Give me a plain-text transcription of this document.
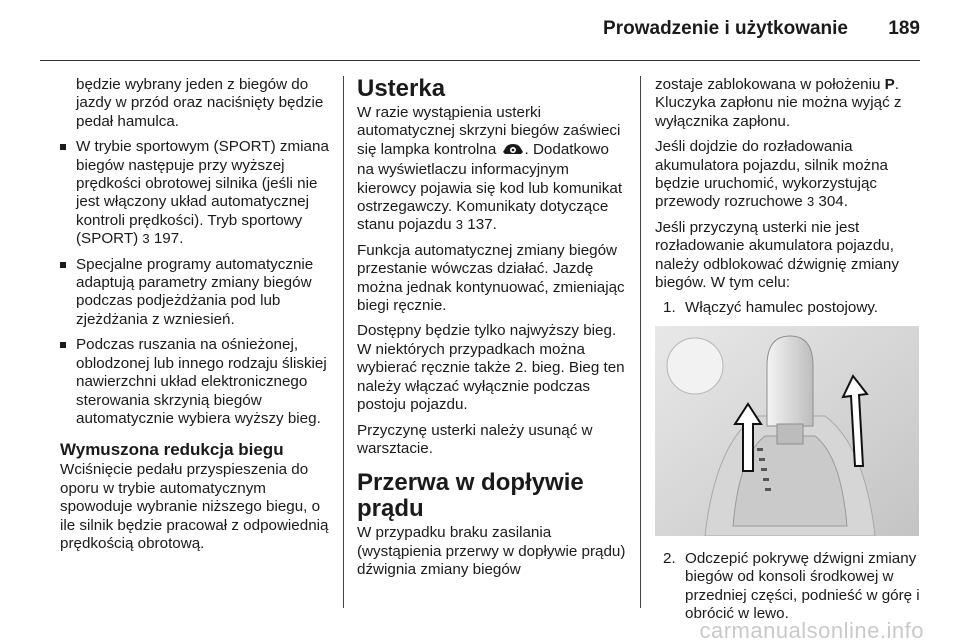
Prowadzenie i użytkowanie 189

będzie wybrany jeden z biegów do jazdy w przód oraz naciśnięty będzie pedał hamulca.

W trybie sportowym (SPORT) zmiana biegów następuje przy wyższej prędkości obrotowej silnika (jeśli nie jest włączony układ automatycznej kontroli prędkości). Tryb sportowy (SPORT) 3 197.
Specjalne programy automatycznie adaptują parametry zmiany biegów podczas podjeżdżania pod lub zjeżdżania z wzniesień.
Podczas ruszania na ośnieżonej, oblodzonej lub innego rodzaju śliskiej nawierzchni układ elektronicznego sterowania skrzynią biegów automatycznie wybiera wyższy bieg.
Wymuszona redukcja biegu

Wciśnięcie pedału przyspieszenia do oporu w trybie automatycznym spowoduje wybranie niższego biegu, o ile silnik będzie pracował z odpowiednią prędkością obrotową.

Usterka

W razie wystąpienia usterki automatycznej skrzyni biegów zaświeci się lampka kontrolna . Dodatkowo na wyświetlaczu informacyjnym kierowcy pojawia się kod lub komunikat ostrzegawczy. Komunikaty dotyczące stanu pojazdu 3 137.

Funkcja automatycznej zmiany biegów przestanie wówczas działać. Jazdę można jednak kontynuować, zmieniając biegi ręcznie.

Dostępny będzie tylko najwyższy bieg. W niektórych przypadkach można wybierać ręcznie także 2. bieg. Bieg ten należy włączać wyłącznie podczas postoju pojazdu.

Przyczynę usterki należy usunąć w warsztacie.

Przerwa w dopływie prądu

W przypadku braku zasilania (wystąpienia przerwy w dopływie prądu) dźwignia zmiany biegów

zostaje zablokowana w położeniu P. Kluczyka zapłonu nie można wyjąć z wyłącznika zapłonu.

Jeśli dojdzie do rozładowania akumulatora pojazdu, silnik można będzie uruchomić, wykorzystując przewody rozruchowe 3 304.

Jeśli przyczyną usterki nie jest rozładowanie akumulatora pojazdu, należy odblokować dźwignię zmiany biegów. W tym celu:

1. Włączyć hamulec postojowy.
2. Odczepić pokrywę dźwigni zmiany biegów od konsoli środkowej w przedniej części, podnieść w górę i obrócić w lewo.
carmanualsonline.info
